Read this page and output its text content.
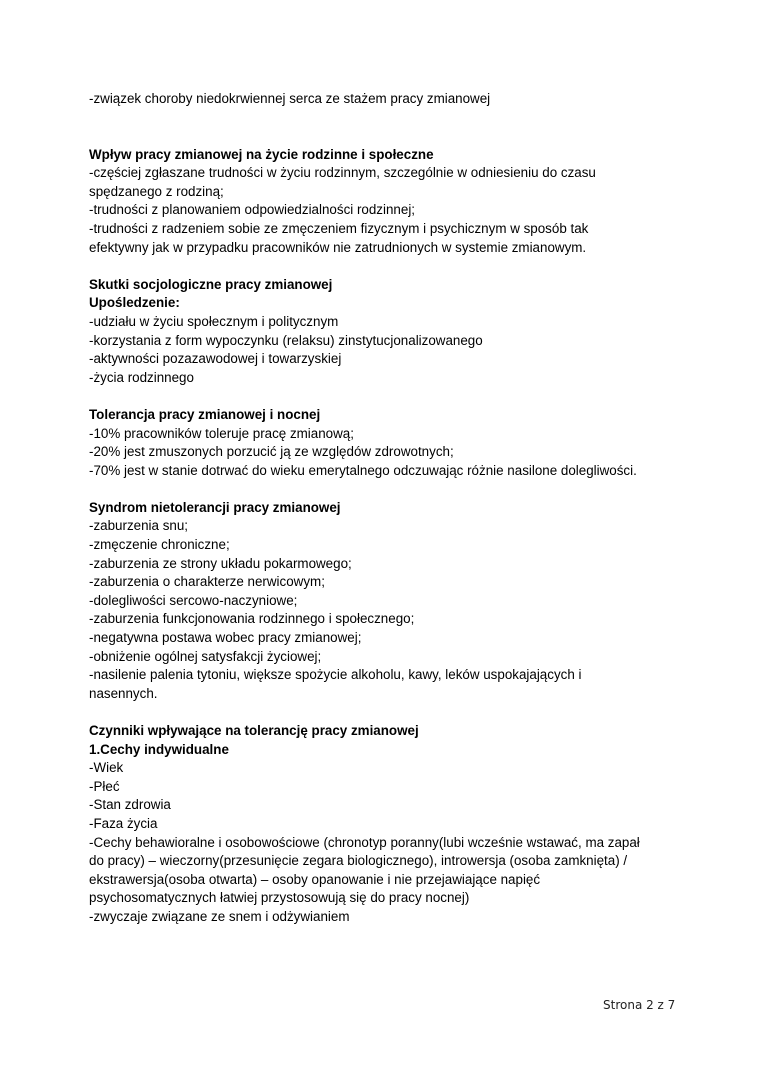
-związek choroby niedokrwiennej serca ze stażem pracy zmianowej
Wpływ pracy zmianowej na życie rodzinne i społeczne
-częściej zgłaszane trudności w życiu rodzinnym, szczególnie w odniesieniu do czasu
spędzanego z rodziną;
-trudności z planowaniem odpowiedzialności rodzinnej;
-trudności z radzeniem sobie ze zmęczeniem fizycznym i psychicznym w sposób tak
efektywny jak w przypadku pracowników nie zatrudnionych w systemie zmianowym.
Skutki socjologiczne pracy zmianowej
Upośledzenie:
-udziału w życiu społecznym i politycznym
-korzystania z form wypoczynku (relaksu) zinstytucjonalizowanego
-aktywności pozazawodowej i towarzyskiej
-życia rodzinnego
Tolerancja pracy zmianowej i nocnej
-10% pracowników toleruje pracę zmianową;
-20% jest zmuszonych porzucić ją ze względów zdrowotnych;
-70% jest w stanie dotrwać do wieku emerytalnego odczuwając różnie nasilone dolegliwości.
Syndrom nietolerancji pracy zmianowej
-zaburzenia snu;
-zmęczenie chroniczne;
-zaburzenia ze strony układu pokarmowego;
-zaburzenia o charakterze nerwicowym;
-dolegliwości sercowo-naczyniowe;
-zaburzenia funkcjonowania rodzinnego i społecznego;
-negatywna postawa wobec pracy zmianowej;
-obniżenie ogólnej satysfakcji życiowej;
-nasilenie palenia tytoniu, większe spożycie alkoholu, kawy, leków uspokajających i
nasennych.
Czynniki wpływające na tolerancję pracy zmianowej
1.Cechy indywidualne
-Wiek
-Płeć
-Stan zdrowia
-Faza życia
-Cechy behawioralne i osobowościowe (chronotyp poranny(lubi wcześnie wstawać, ma zapał
do pracy) – wieczorny(przesunięcie zegara biologicznego), introwersja (osoba zamknięta) /
ekstrawersja(osoba otwarta) – osoby opanowanie i nie przejawiające napięć
psychosomatycznych łatwiej przystosowują się do pracy nocnej)
-zwyczaje związane ze snem i odżywianiem
Strona 2 z 7
